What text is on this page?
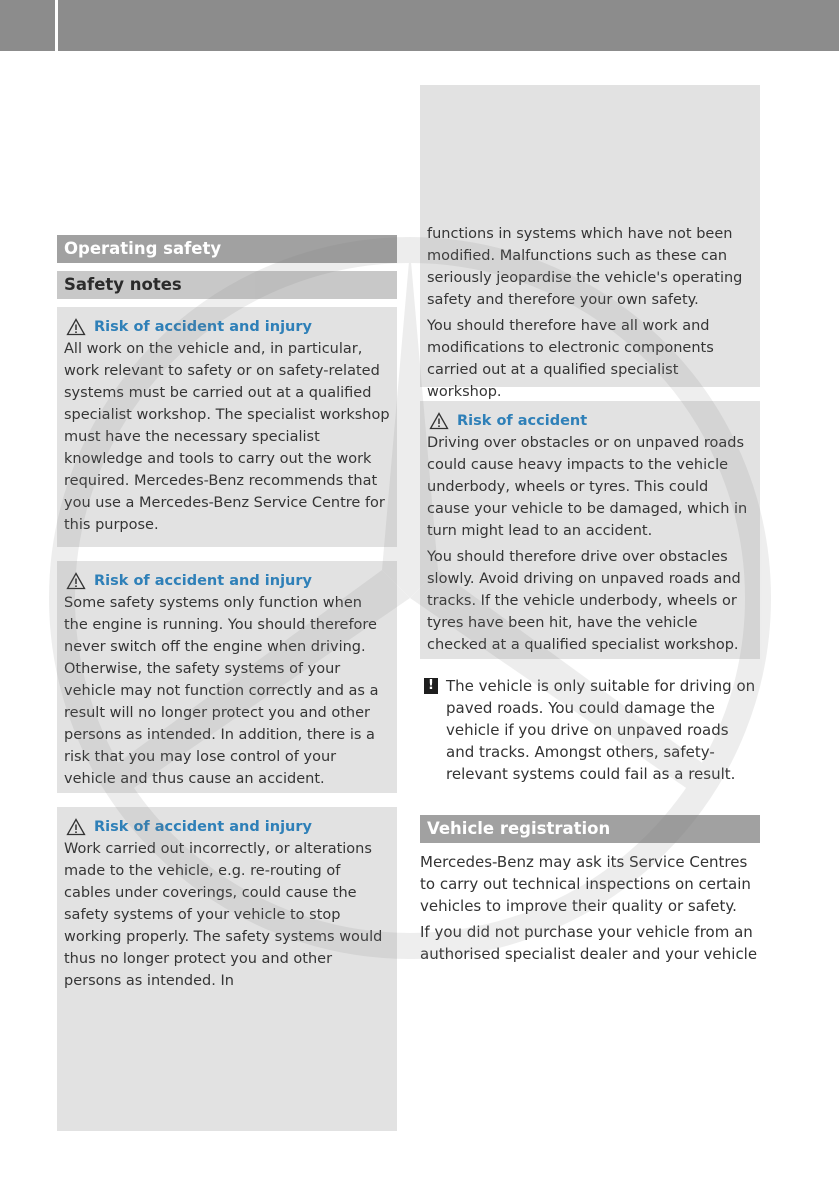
Operating safety
Safety notes
Risk of accident and injury

All work on the vehicle and, in particular, work relevant to safety or on safety-related systems must be carried out at a qualified specialist workshop. The specialist workshop must have the necessary specialist knowledge and tools to carry out the work required. Mercedes-Benz recommends that you use a Mercedes-Benz Service Centre for this purpose.

Risk of accident and injury

Some safety systems only function when the engine is running. You should therefore never switch off the engine when driving. Otherwise, the safety systems of your vehicle may not function correctly and as a result will no longer protect you and other persons as intended. In addition, there is a risk that you may lose control of your vehicle and thus cause an accident.

Risk of accident and injury

Work carried out incorrectly, or alterations made to the vehicle, e.g. re-routing of cables under coverings, could cause the safety systems of your vehicle to stop working properly. The safety systems would thus no longer protect you and other persons as intended. In

functions in systems which have not been modified. Malfunctions such as these can seriously jeopardise the vehicle's operating safety and therefore your own safety.

You should therefore have all work and modifications to electronic components carried out at a qualified specialist workshop.

Risk of accident

Driving over obstacles or on unpaved roads could cause heavy impacts to the vehicle underbody, wheels or tyres. This could cause your vehicle to be damaged, which in turn might lead to an accident.

You should therefore drive over obstacles slowly. Avoid driving on unpaved roads and tracks. If the vehicle underbody, wheels or tyres have been hit, have the vehicle checked at a qualified specialist workshop.

! The vehicle is only suitable for driving on paved roads. You could damage the vehicle if you drive on unpaved roads and tracks. Amongst others, safety-relevant systems could fail as a result.
Vehicle registration

Mercedes-Benz may ask its Service Centres to carry out technical inspections on certain vehicles to improve their quality or safety.

If you did not purchase your vehicle from an authorised specialist dealer and your vehicle
